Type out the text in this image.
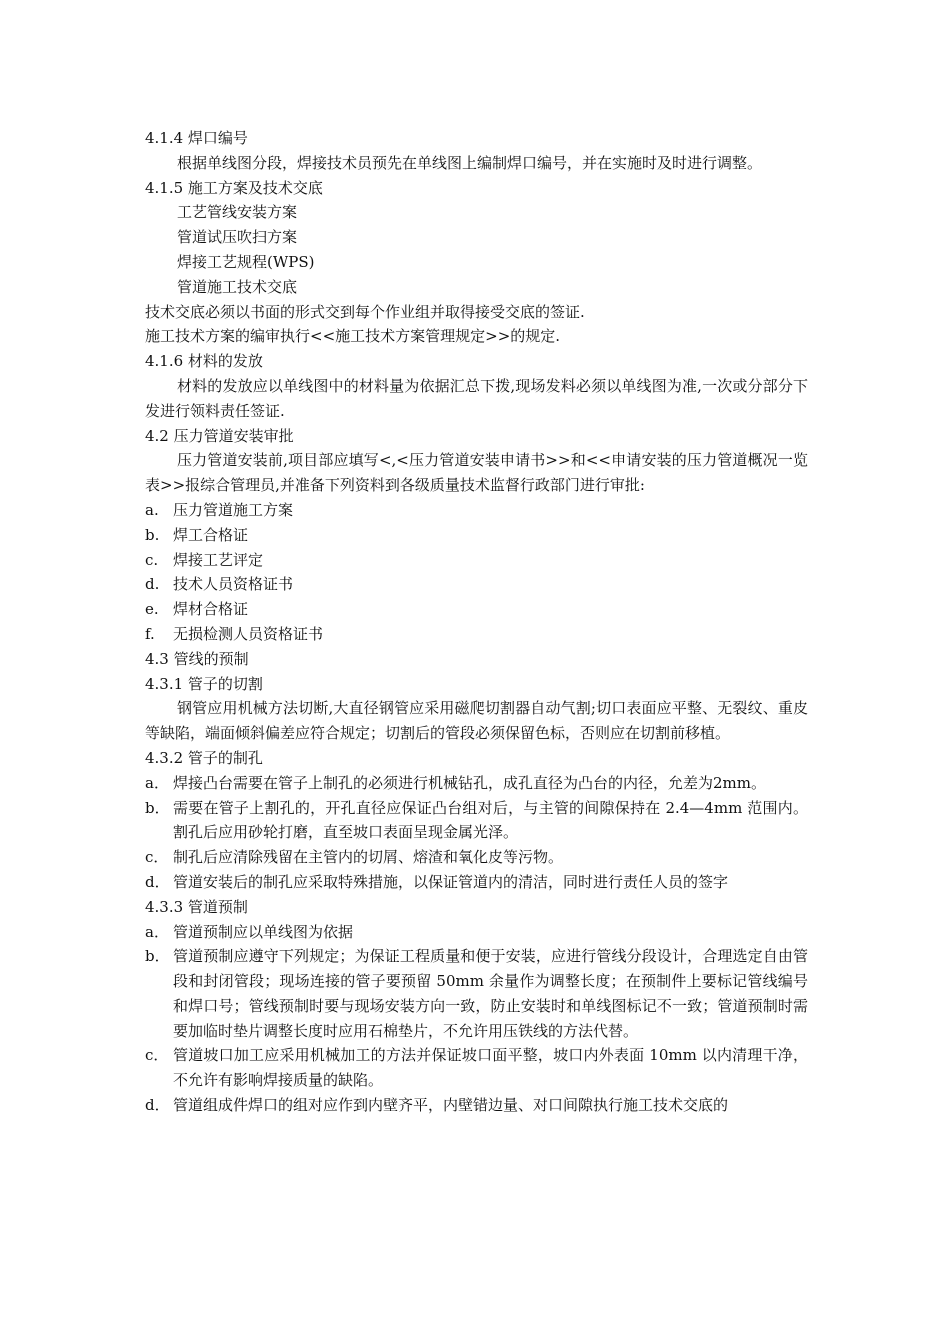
4.1.4 焊口编号
根据单线图分段，焊接技术员预先在单线图上编制焊口编号，并在实施时及时进行调整。
4.1.5 施工方案及技术交底
工艺管线安装方案
管道试压吹扫方案
焊接工艺规程(WPS)
管道施工技术交底
技术交底必须以书面的形式交到每个作业组并取得接受交底的签证.
施工技术方案的编审执行<<施工技术方案管理规定>>的规定.
4.1.6 材料的发放
材料的发放应以单线图中的材料量为依据汇总下拨,现场发料必须以单线图为准,一次或分部分下发进行领料责任签证.
4.2 压力管道安装审批
压力管道安装前,项目部应填写<,<压力管道安装申请书>>和<<申请安装的压力管道概况一览表>>报综合管理员,并准备下列资料到各级质量技术监督行政部门进行审批:
a. 压力管道施工方案
b. 焊工合格证
c. 焊接工艺评定
d. 技术人员资格证书
e. 焊材合格证
f.	无损检测人员资格证书
4.3 管线的预制
4.3.1 管子的切割
钢管应用机械方法切断,大直径钢管应采用磁爬切割器自动气割;切口表面应平整、无裂纹、重皮等缺陷，端面倾斜偏差应符合规定；切割后的管段必须保留色标，否则应在切割前移植。
4.3.2 管子的制孔
a． 焊接凸台需要在管子上制孔的必须进行机械钻孔，成孔直径为凸台的内径，允差为2mm。
b． 需要在管子上割孔的，开孔直径应保证凸台组对后，与主管的间隙保持在 2.4—4mm 范围内。割孔后应用砂轮打磨，直至坡口表面呈现金属光泽。
c． 制孔后应清除残留在主管内的切屑、熔渣和氧化皮等污物。
d． 管道安装后的制孔应采取特殊措施，以保证管道内的清洁，同时进行责任人员的签字
4.3.3 管道预制
a． 管道预制应以单线图为依据
b． 管道预制应遵守下列规定；为保证工程质量和便于安装，应进行管线分段设计，合理选定自由管段和封闭管段；现场连接的管子要预留 50mm 余量作为调整长度；在预制件上要标记管线编号和焊口号；管线预制时要与现场安装方向一致，防止安装时和单线图标记不一致；管道预制时需要加临时垫片调整长度时应用石棉垫片，不允许用压铁线的方法代替。
c． 管道坡口加工应采用机械加工的方法并保证坡口面平整，坡口内外表面 10mm 以内清理干净，不允许有影响焊接质量的缺陷。
d． 管道组成件焊口的组对应作到内壁齐平，内壁错边量、对口间隙执行施工技术交底的
